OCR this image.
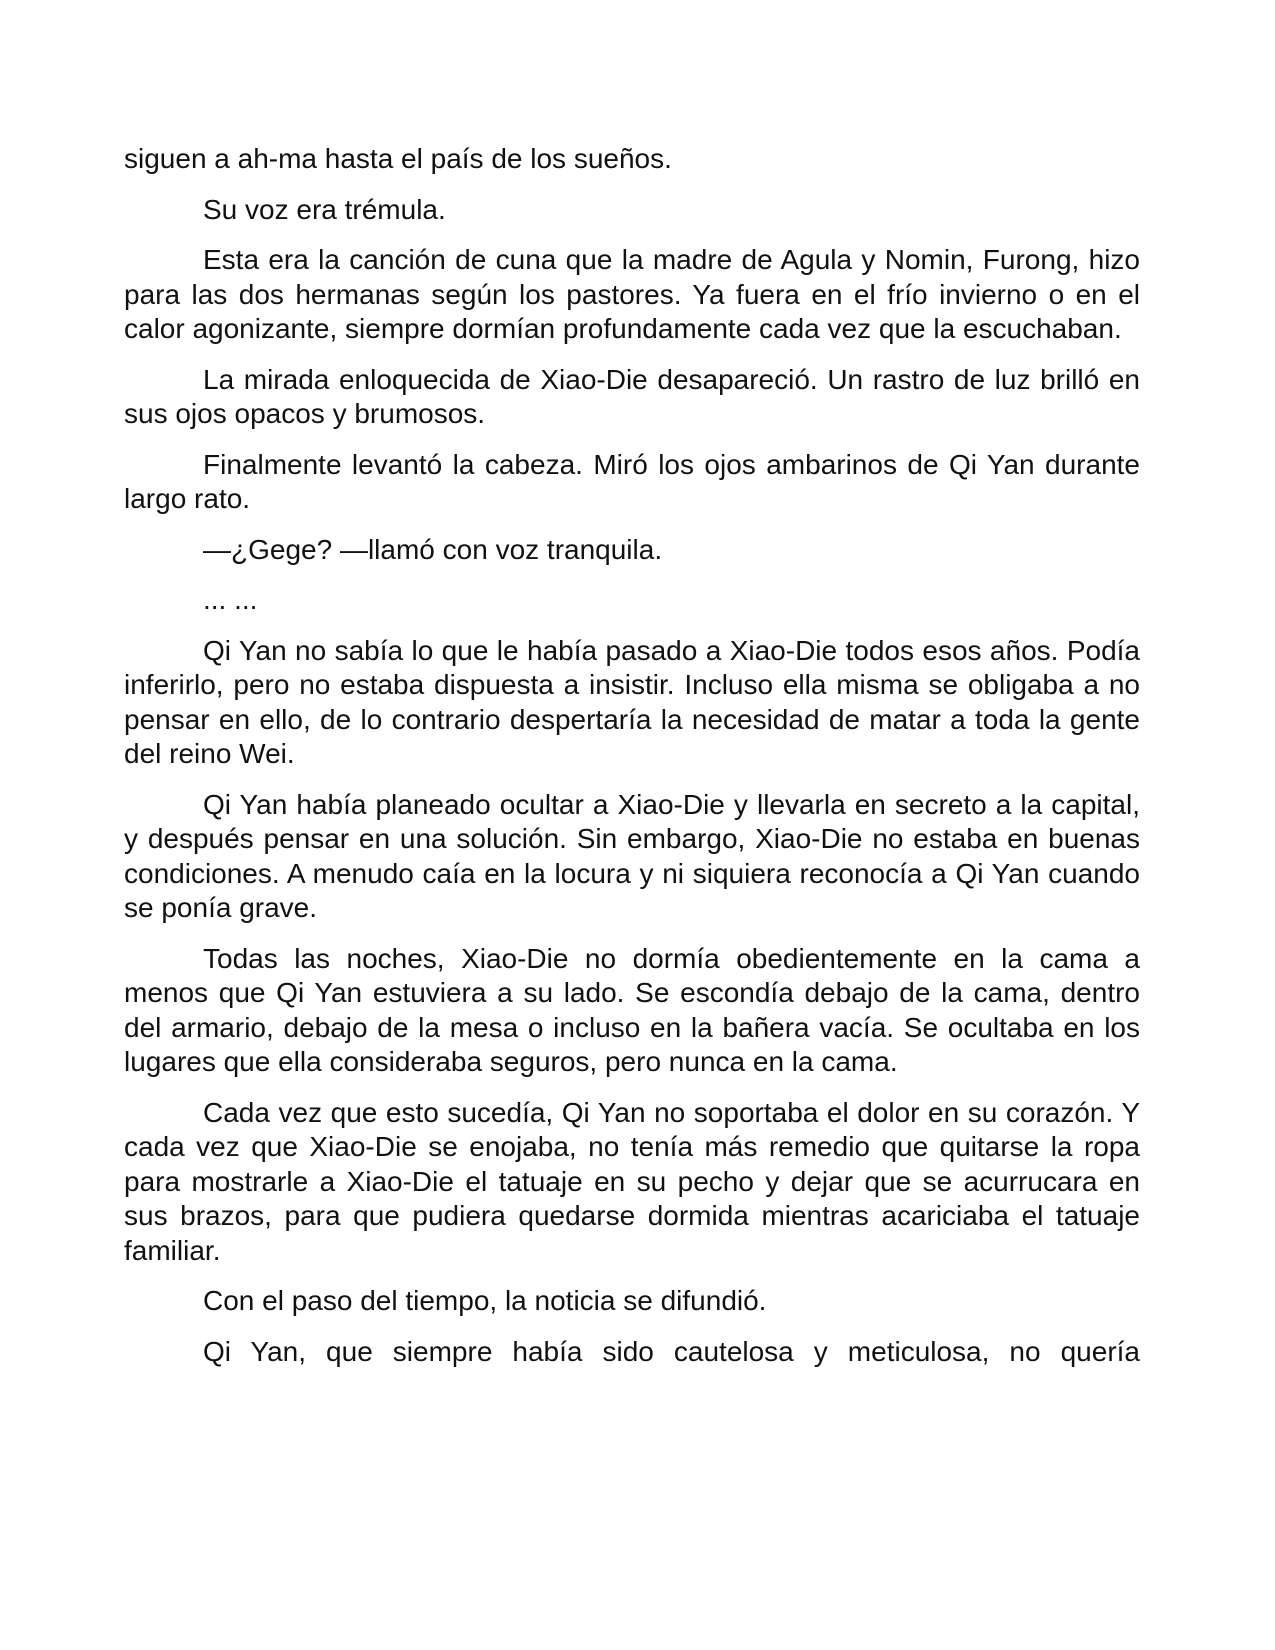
siguen a ah-ma hasta el país de los sueños.

Su voz era trémula.

Esta era la canción de cuna que la madre de Agula y Nomin, Furong, hizo para las dos hermanas según los pastores. Ya fuera en el frío invierno o en el calor agonizante, siempre dormían profundamente cada vez que la escuchaban.

La mirada enloquecida de Xiao-Die desapareció. Un rastro de luz brilló en sus ojos opacos y brumosos.

Finalmente levantó la cabeza. Miró los ojos ambarinos de Qi Yan durante largo rato.

—¿Gege? —llamó con voz tranquila.

... ...

Qi Yan no sabía lo que le había pasado a Xiao-Die todos esos años. Podía inferirlo, pero no estaba dispuesta a insistir. Incluso ella misma se obligaba a no pensar en ello, de lo contrario despertaría la necesidad de matar a toda la gente del reino Wei.

Qi Yan había planeado ocultar a Xiao-Die y llevarla en secreto a la capital, y después pensar en una solución. Sin embargo, Xiao-Die no estaba en buenas condiciones. A menudo caía en la locura y ni siquiera reconocía a Qi Yan cuando se ponía grave.

Todas las noches, Xiao-Die no dormía obedientemente en la cama a menos que Qi Yan estuviera a su lado. Se escondía debajo de la cama, dentro del armario, debajo de la mesa o incluso en la bañera vacía. Se ocultaba en los lugares que ella consideraba seguros, pero nunca en la cama.

Cada vez que esto sucedía, Qi Yan no soportaba el dolor en su corazón. Y cada vez que Xiao-Die se enojaba, no tenía más remedio que quitarse la ropa para mostrarle a Xiao-Die el tatuaje en su pecho y dejar que se acurrucara en sus brazos, para que pudiera quedarse dormida mientras acariciaba el tatuaje familiar.

Con el paso del tiempo, la noticia se difundió.

Qi Yan, que siempre había sido cautelosa y meticulosa, no quería
